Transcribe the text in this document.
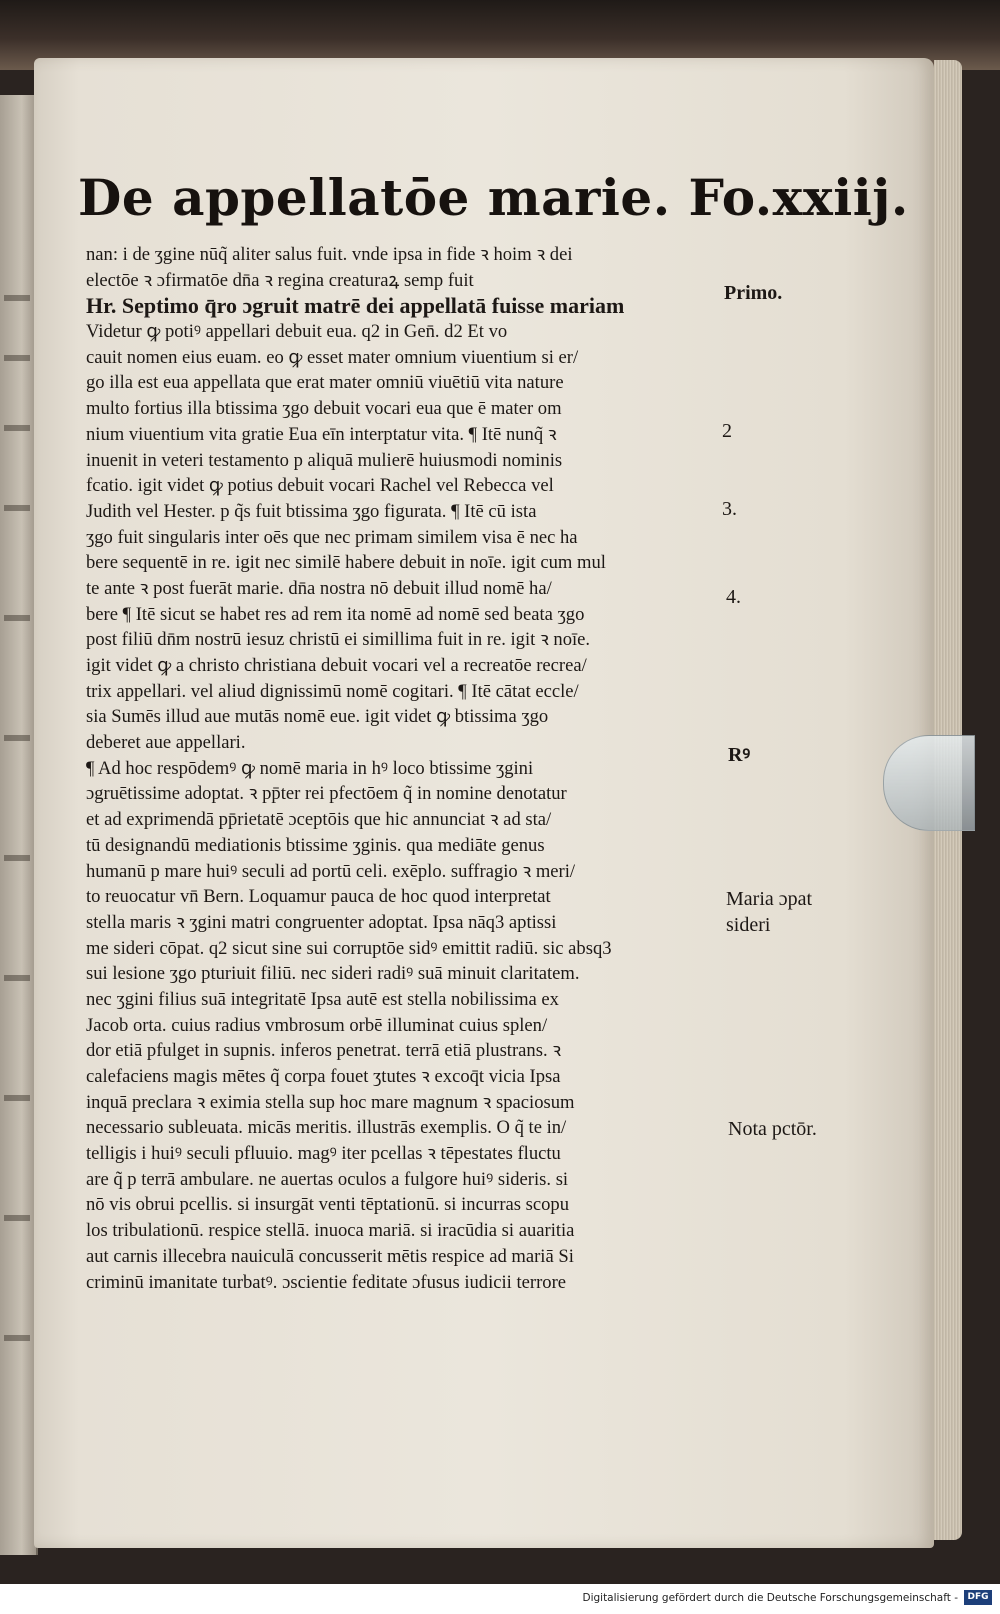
De appellatōe marie. Fo.xxiij.
nan: i de ʒgine nūq̃ aliter salus fuit. vnde ipsa in fide ꝛ hoim ꝛ dei
electōe ꝛ ɔfirmatōe dn̄a ꝛ regina creaturaꝝ semp fuit
Hr. Septimo q̄ro ɔgruit matrē dei appellatā fuisse mariam
Videtur ꝙ potiꝰ appellari debuit eua. q2 in Gen̄. d2 Et vo
cauit nomen eius euam. eo ꝙ esset mater omnium viuentium si er/
go illa est eua appellata que erat mater omniū viuētiū vita nature
multo fortius illa btissima ʒgo debuit vocari eua que ē mater om
nium viuentium vita gratie Eua eīn interptatur vita. ¶ Itē nunq̃ ꝛ
inuenit in veteri testamento p aliquā mulierē huiusmodi nominis
fcatio. igit videt ꝙ potius debuit vocari Rachel vel Rebecca vel
Judith vel Hester. p q̃s fuit btissima ʒgo figurata. ¶ Itē cū ista
ʒgo fuit singularis inter oēs que nec primam similem visa ē nec ha
bere sequentē in re. igit nec similē habere debuit in noīe. igit cum mul
te ante ꝛ post fuerāt marie. dn̄a nostra nō debuit illud nomē ha/
bere ¶ Itē sicut se habet res ad rem ita nomē ad nomē sed beata ʒgo
post filiū dn̄m nostrū iesuz christū ei simillima fuit in re. igit ꝛ noīe.
igit videt ꝙ a christo christiana debuit vocari vel a recreatōe recrea/
trix appellari. vel aliud dignissimū nomē cogitari. ¶ Itē cātat eccle/
sia Sumēs illud aue mutās nomē eue. igit videt ꝙ btissima ʒgo
deberet aue appellari.
¶ Ad hoc respōdemꝰ ꝙ nomē maria in hꝰ loco btissime ʒgini
ɔgruētissime adoptat. ꝛ pp̄ter rei pfectōem q̃ in nomine denotatur
et ad exprimendā pp̄rietatē ɔceptōis que hic annunciat ꝛ ad sta/
tū designandū mediationis btissime ʒginis. qua mediāte genus
humanū p mare huiꝰ seculi ad portū celi. exēplo. suffragio ꝛ meri/
to reuocatur vn̄ Bern. Loquamur pauca de hoc quod interpretat
stella maris ꝛ ʒgini matri congruenter adoptat. Ipsa nāq3 aptissi
me sideri cōpat. q2 sicut sine sui corruptōe sidꝰ emittit radiū. sic absq3
sui lesione ʒgo pturiuit filiū. nec sideri radiꝰ suā minuit claritatem.
nec ʒgini filius suā integritatē Ipsa autē est stella nobilissima ex
Jacob orta. cuius radius vmbrosum orbē illuminat cuius splen/
dor etiā pfulget in supnis. inferos penetrat. terrā etiā plustrans. ꝛ
calefaciens magis mētes q̃ corpa fouet ʒtutes ꝛ excoq̄t vicia Ipsa
inquā preclara ꝛ eximia stella sup hoc mare magnum ꝛ spaciosum
necessario subleuata. micās meritis. illustrās exemplis. O q̃ te in/
telligis i huiꝰ seculi pfluuio. magꝰ iter pcellas ꝛ tēpestates fluctu
are q̃ p terrā ambulare. ne auertas oculos a fulgore huiꝰ sideris. si
nō vis obrui pcellis. si insurgāt venti tēptationū. si incurras scopu
los tribulationū. respice stellā. inuoca mariā. si iracūdia si auaritia
aut carnis illecebra nauiculā concusserit mētis respice ad mariā Si
criminū imanitate turbatꝰ. ɔscientie feditate ɔfusus iudicii terrore
Primo.
2
3.
4.
Rꝰ
Maria ɔpat
sideri
Nota pctōr.
Digitalisierung gefördert durch die Deutsche Forschungsgemeinschaft -	DFG
